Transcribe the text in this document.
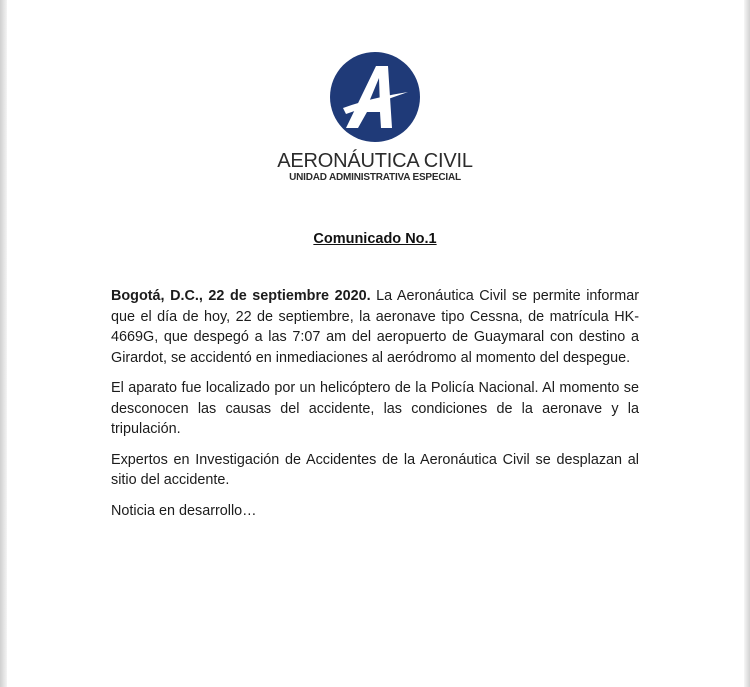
AERONÁUTICA CIVIL
UNIDAD ADMINISTRATIVA ESPECIAL
Comunicado No.1

Bogotá, D.C., 22 de septiembre 2020. La Aeronáutica Civil se permite informar que el día de hoy, 22 de septiembre, la aeronave tipo Cessna, de matrícula HK-4669G, que despegó a las 7:07 am del aeropuerto de Guaymaral con destino a Girardot, se accidentó en inmediaciones al aeródromo al momento del despegue.

El aparato fue localizado por un helicóptero de la Policía Nacional. Al momento se desconocen las causas del accidente, las condiciones de la aeronave y la tripulación.

Expertos en Investigación de Accidentes de la Aeronáutica Civil se desplazan al sitio del accidente.

Noticia en desarrollo…
